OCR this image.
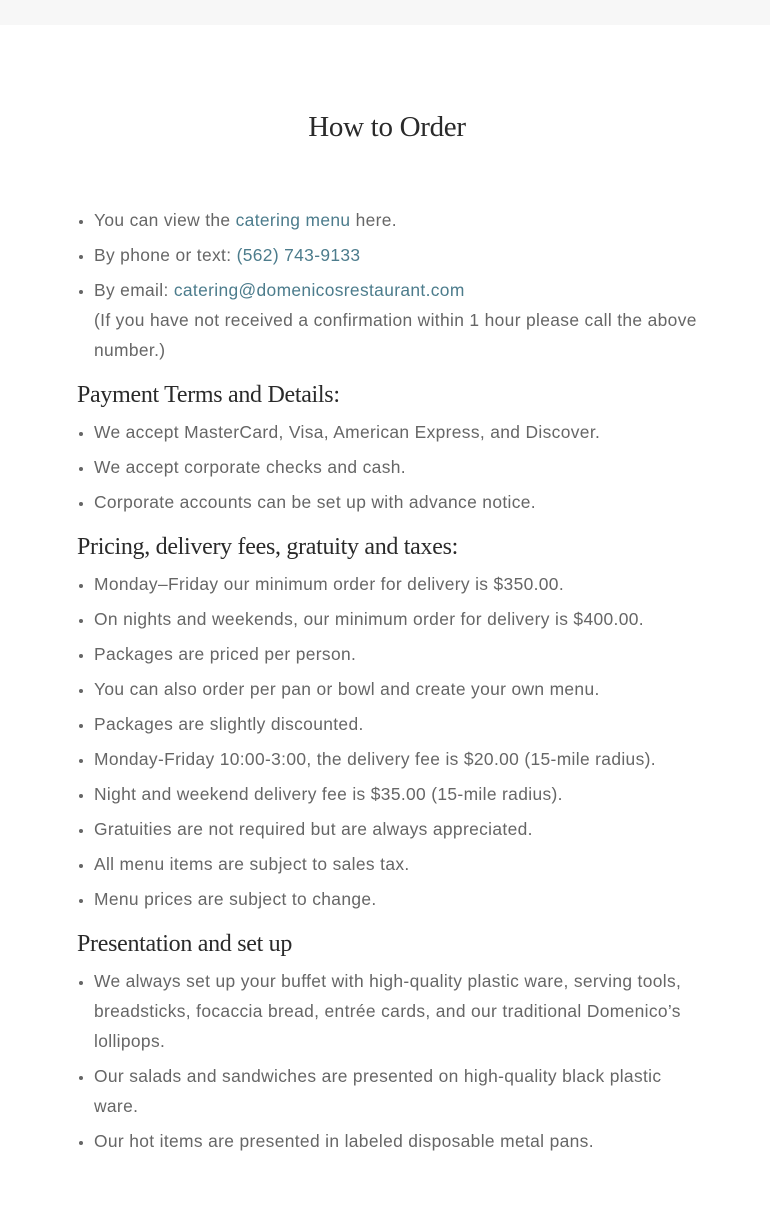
How to Order
• You can view the catering menu here.
• By phone or text: (562) 743-9133
• By email: catering@domenicosrestaurant.com
(If you have not received a confirmation within 1 hour please call the above number.)
Payment Terms and Details:
• We accept MasterCard, Visa, American Express, and Discover.
• We accept corporate checks and cash.
• Corporate accounts can be set up with advance notice.
Pricing, delivery fees, gratuity and taxes:
• Monday–Friday our minimum order for delivery is $350.00.
• On nights and weekends, our minimum order for delivery is $400.00.
• Packages are priced per person.
• You can also order per pan or bowl and create your own menu.
• Packages are slightly discounted.
• Monday-Friday 10:00-3:00, the delivery fee is $20.00 (15-mile radius).
• Night and weekend delivery fee is $35.00 (15-mile radius).
• Gratuities are not required but are always appreciated.
• All menu items are subject to sales tax.
• Menu prices are subject to change.
Presentation and set up
• We always set up your buffet with high-quality plastic ware, serving tools, breadsticks, focaccia bread, entrée cards, and our traditional Domenico’s lollipops.
• Our salads and sandwiches are presented on high-quality black plastic ware.
• Our hot items are presented in labeled disposable metal pans.
